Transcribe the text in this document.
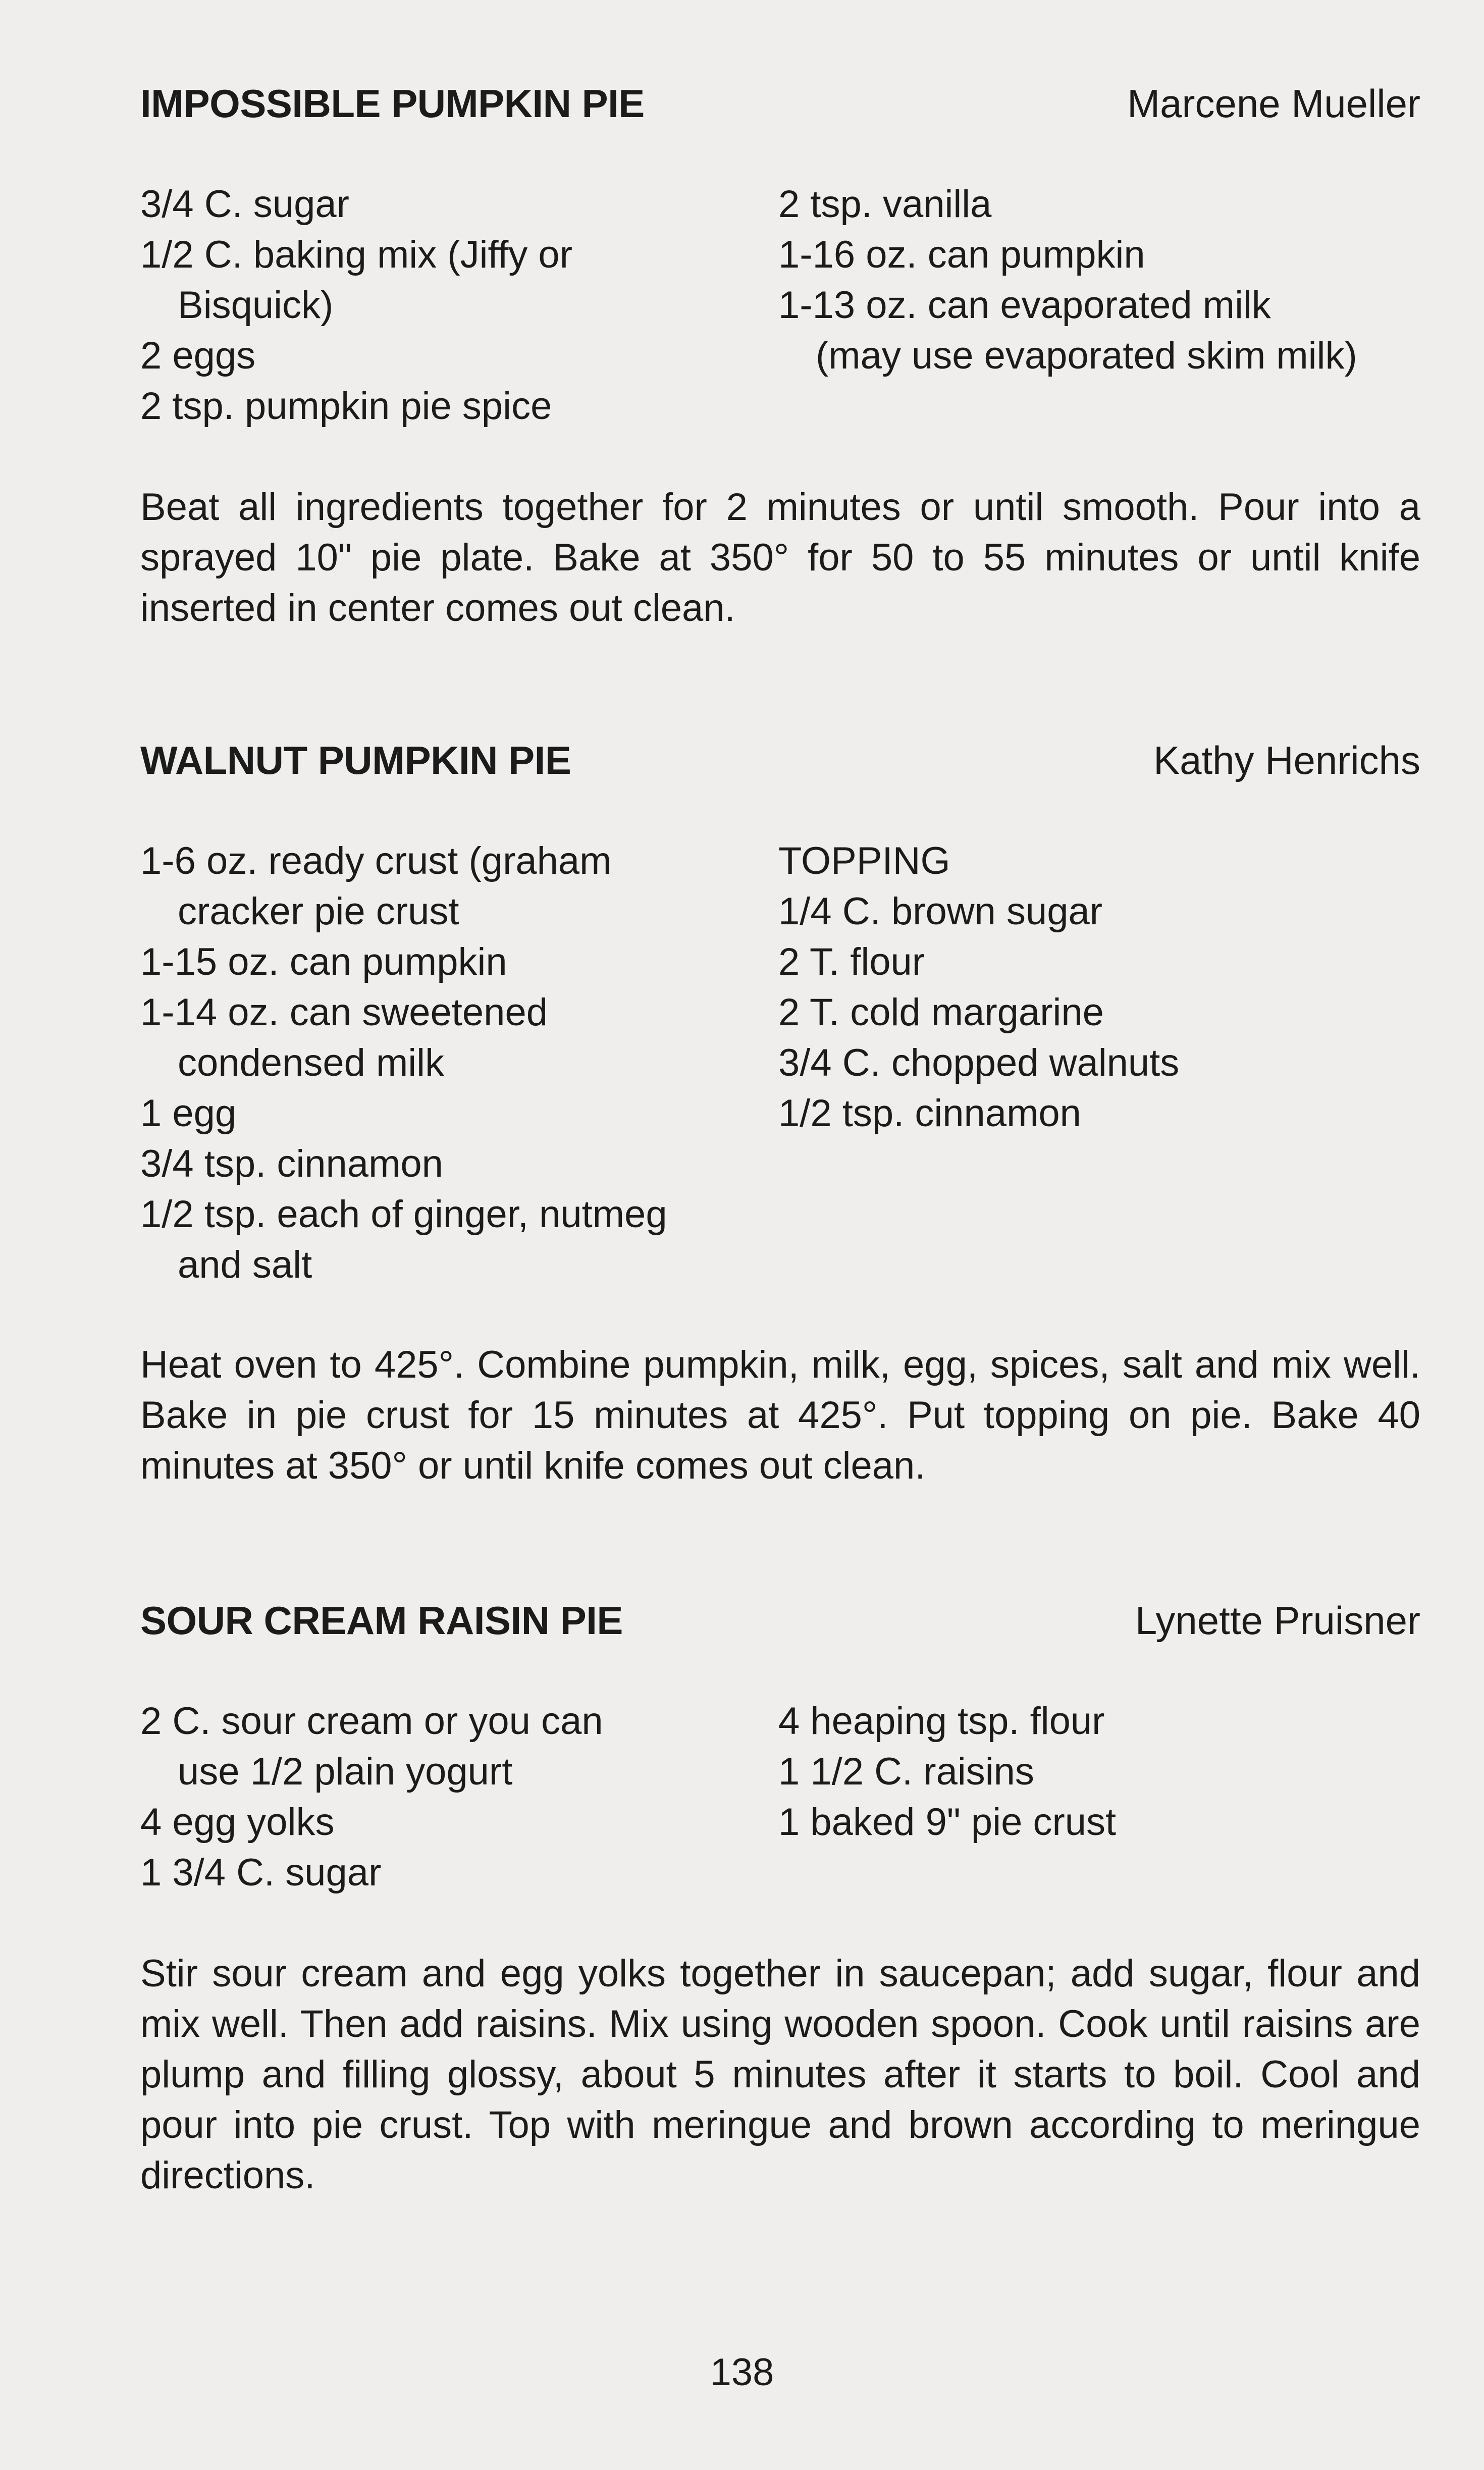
IMPOSSIBLE PUMPKIN PIE	Marcene Mueller
3/4 C. sugar
1/2 C. baking mix (Jiffy or
Bisquick)
2 eggs
2 tsp. pumpkin pie spice
2 tsp. vanilla
1-16 oz. can pumpkin
1-13 oz. can evaporated milk
(may use evaporated skim milk)

Beat all ingredients together for 2 minutes or until smooth. Pour into a sprayed 10" pie plate. Bake at 350° for 50 to 55 minutes or until knife inserted in center comes out clean.

WALNUT PUMPKIN PIE	Kathy Henrichs
1-6 oz. ready crust (graham
cracker pie crust
1-15 oz. can pumpkin
1-14 oz. can sweetened
condensed milk
1 egg
3/4 tsp. cinnamon
1/2 tsp. each of ginger, nutmeg
and salt
TOPPING
1/4 C. brown sugar
2 T. flour
2 T. cold margarine
3/4 C. chopped walnuts
1/2 tsp. cinnamon

Heat oven to 425°. Combine pumpkin, milk, egg, spices, salt and mix well. Bake in pie crust for 15 minutes at 425°. Put topping on pie. Bake 40 minutes at 350° or until knife comes out clean.

SOUR CREAM RAISIN PIE	Lynette Pruisner
2 C. sour cream or you can
use 1/2 plain yogurt
4 egg yolks
1 3/4 C. sugar
4 heaping tsp. flour
1 1/2 C. raisins
1 baked 9" pie crust

Stir sour cream and egg yolks together in saucepan; add sugar, flour and mix well. Then add raisins. Mix using wooden spoon. Cook until raisins are plump and filling glossy, about 5 minutes after it starts to boil. Cool and pour into pie crust. Top with meringue and brown according to meringue directions.

138
